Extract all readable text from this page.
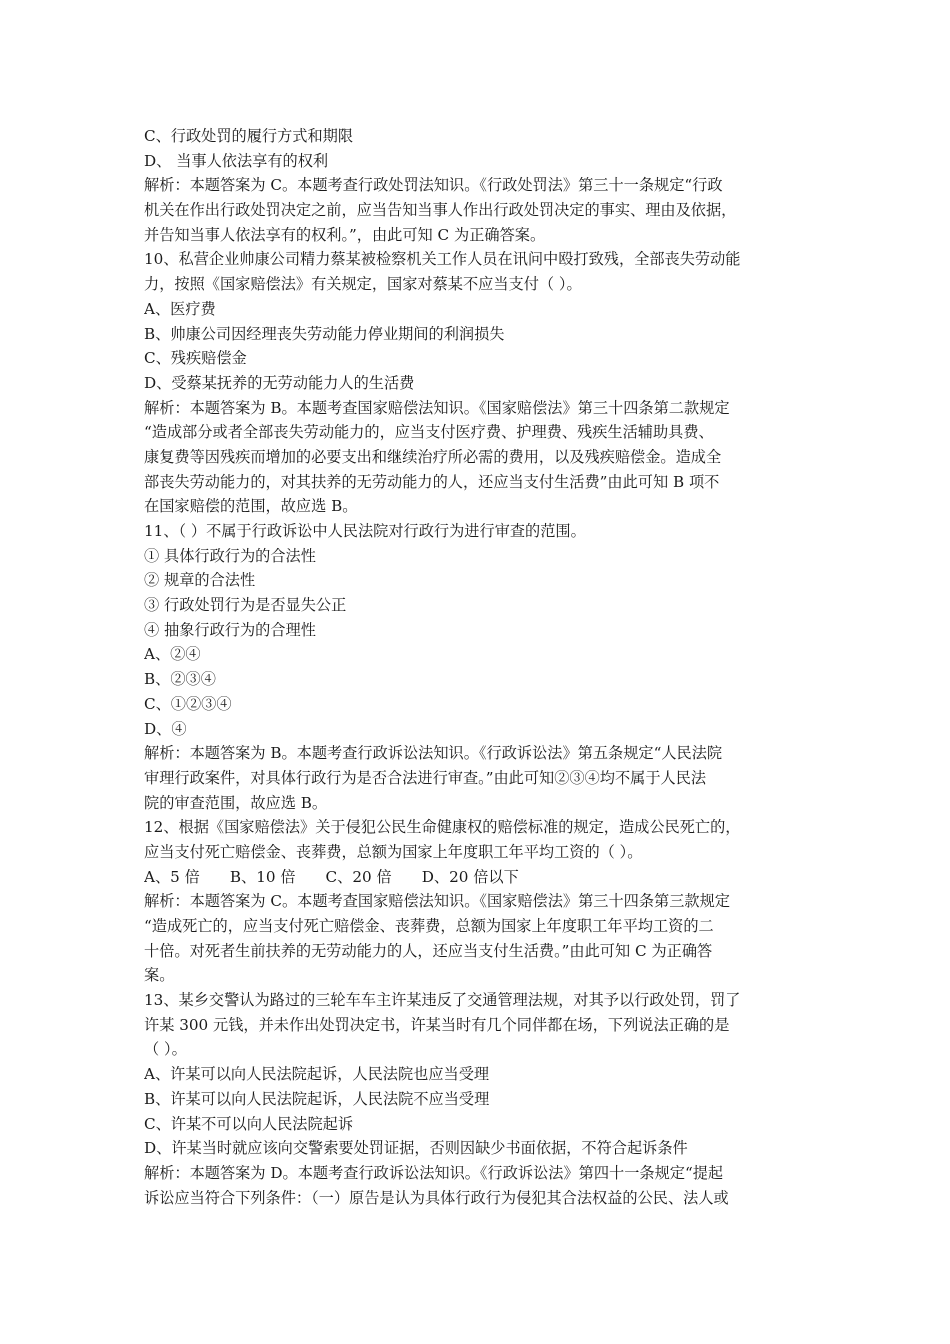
C、行政处罚的履行方式和期限
D、 当事人依法享有的权利
解析：本题答案为 C。本题考查行政处罚法知识。《行政处罚法》第三十一条规定“行政
机关在作出行政处罚决定之前，应当告知当事人作出行政处罚决定的事实、理由及依据，
并告知当事人依法享有的权利。”，由此可知 C 为正确答案。
10、私营企业帅康公司精力蔡某被检察机关工作人员在讯问中殴打致残，全部丧失劳动能
力，按照《国家赔偿法》有关规定，国家对蔡某不应当支付（ ）。
A、医疗费
B、帅康公司因经理丧失劳动能力停业期间的利润损失
C、残疾赔偿金
D、受蔡某抚养的无劳动能力人的生活费
解析：本题答案为 B。本题考查国家赔偿法知识。《国家赔偿法》第三十四条第二款规定
“造成部分或者全部丧失劳动能力的，应当支付医疗费、护理费、残疾生活辅助具费、
康复费等因残疾而增加的必要支出和继续治疗所必需的费用，以及残疾赔偿金。造成全
部丧失劳动能力的，对其扶养的无劳动能力的人，还应当支付生活费”由此可知 B 项不
在国家赔偿的范围，故应选 B。
11、（ ）不属于行政诉讼中人民法院对行政行为进行审查的范围。
① 具体行政行为的合法性
② 规章的合法性
③ 行政处罚行为是否显失公正
④ 抽象行政行为的合理性
A、②④
B、②③④
C、①②③④
D、④
解析：本题答案为 B。本题考查行政诉讼法知识。《行政诉讼法》第五条规定“人民法院
审理行政案件，对具体行政行为是否合法进行审查。”由此可知②③④均不属于人民法
院的审查范围，故应选 B。
12、根据《国家赔偿法》关于侵犯公民生命健康权的赔偿标准的规定，造成公民死亡的，
应当支付死亡赔偿金、丧葬费，总额为国家上年度职工年平均工资的（ ）。
A、5 倍 B、10 倍 C、20 倍 D、20 倍以下
解析：本题答案为 C。本题考查国家赔偿法知识。《国家赔偿法》第三十四条第三款规定
“造成死亡的，应当支付死亡赔偿金、丧葬费，总额为国家上年度职工年平均工资的二
十倍。对死者生前扶养的无劳动能力的人，还应当支付生活费。”由此可知 C 为正确答
案。
13、某乡交警认为路过的三轮车车主许某违反了交通管理法规，对其予以行政处罚，罚了
许某 300 元钱，并未作出处罚决定书，许某当时有几个同伴都在场，下列说法正确的是
（ ）。
A、许某可以向人民法院起诉，人民法院也应当受理
B、许某可以向人民法院起诉，人民法院不应当受理
C、许某不可以向人民法院起诉
D、许某当时就应该向交警索要处罚证据，否则因缺少书面依据，不符合起诉条件
解析：本题答案为 D。本题考查行政诉讼法知识。《行政诉讼法》第四十一条规定“提起
诉讼应当符合下列条件：（一）原告是认为具体行政行为侵犯其合法权益的公民、法人或
